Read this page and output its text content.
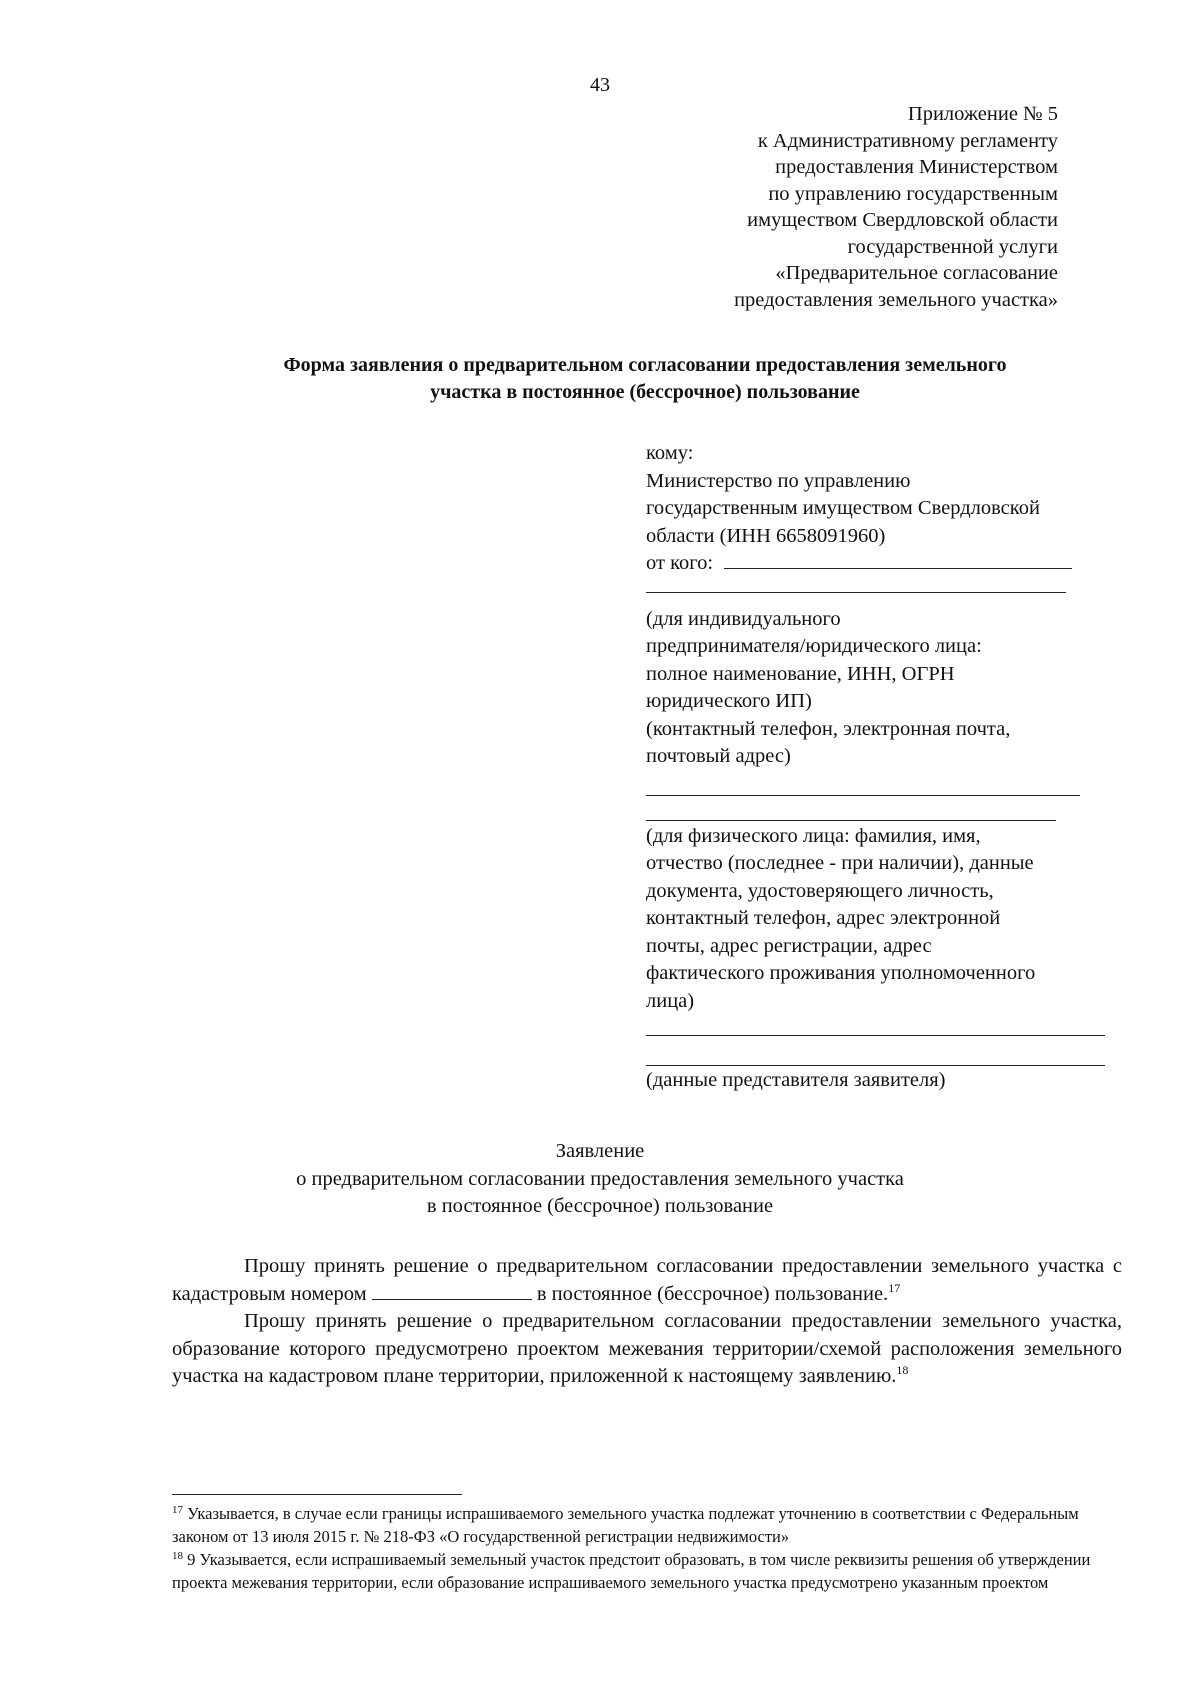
43
Приложение № 5
к Административному регламенту
предоставления Министерством
по управлению государственным
имуществом Свердловской области
государственной услуги
«Предварительное согласование
предоставления земельного участка»
Форма заявления о предварительном согласовании предоставления земельного
участка в постоянное (бессрочное) пользование
кому:
Министерство по управлению
государственным имуществом Свердловской
области (ИНН 6658091960)
от кого:
(для индивидуального
предпринимателя/юридического лица:
полное наименование, ИНН, ОГРН
юридического ИП)
(контактный телефон, электронная почта,
почтовый адрес)
(для физического лица: фамилия, имя,
отчество (последнее - при наличии), данные
документа, удостоверяющего личность,
контактный телефон, адрес электронной
почты, адрес регистрации, адрес
фактического проживания уполномоченного
лица)
(данные представителя заявителя)
Заявление
о предварительном согласовании предоставления земельного участка
в постоянное (бессрочное) пользование

Прошу принять решение о предварительном согласовании предоставлении земельного участка с кадастровым номером	в постоянное (бессрочное) пользование.$^{17}$

Прошу принять решение о предварительном согласовании предоставлении земельного участка, образование которого предусмотрено проектом межевания территории/схемой расположения земельного участка на кадастровом плане территории, приложенной к настоящему заявлению.$^{18}$

$^{17}$ Указывается, в случае если границы испрашиваемого земельного участка подлежат уточнению в соответствии с Федеральным законом от 13 июля 2015 г. № 218-ФЗ «О государственной регистрации недвижимости»

$^{18}$ 9 Указывается, если испрашиваемый земельный участок предстоит образовать, в том числе реквизиты решения об утверждении проекта межевания территории, если образование испрашиваемого земельного участка предусмотрено указанным проектом
